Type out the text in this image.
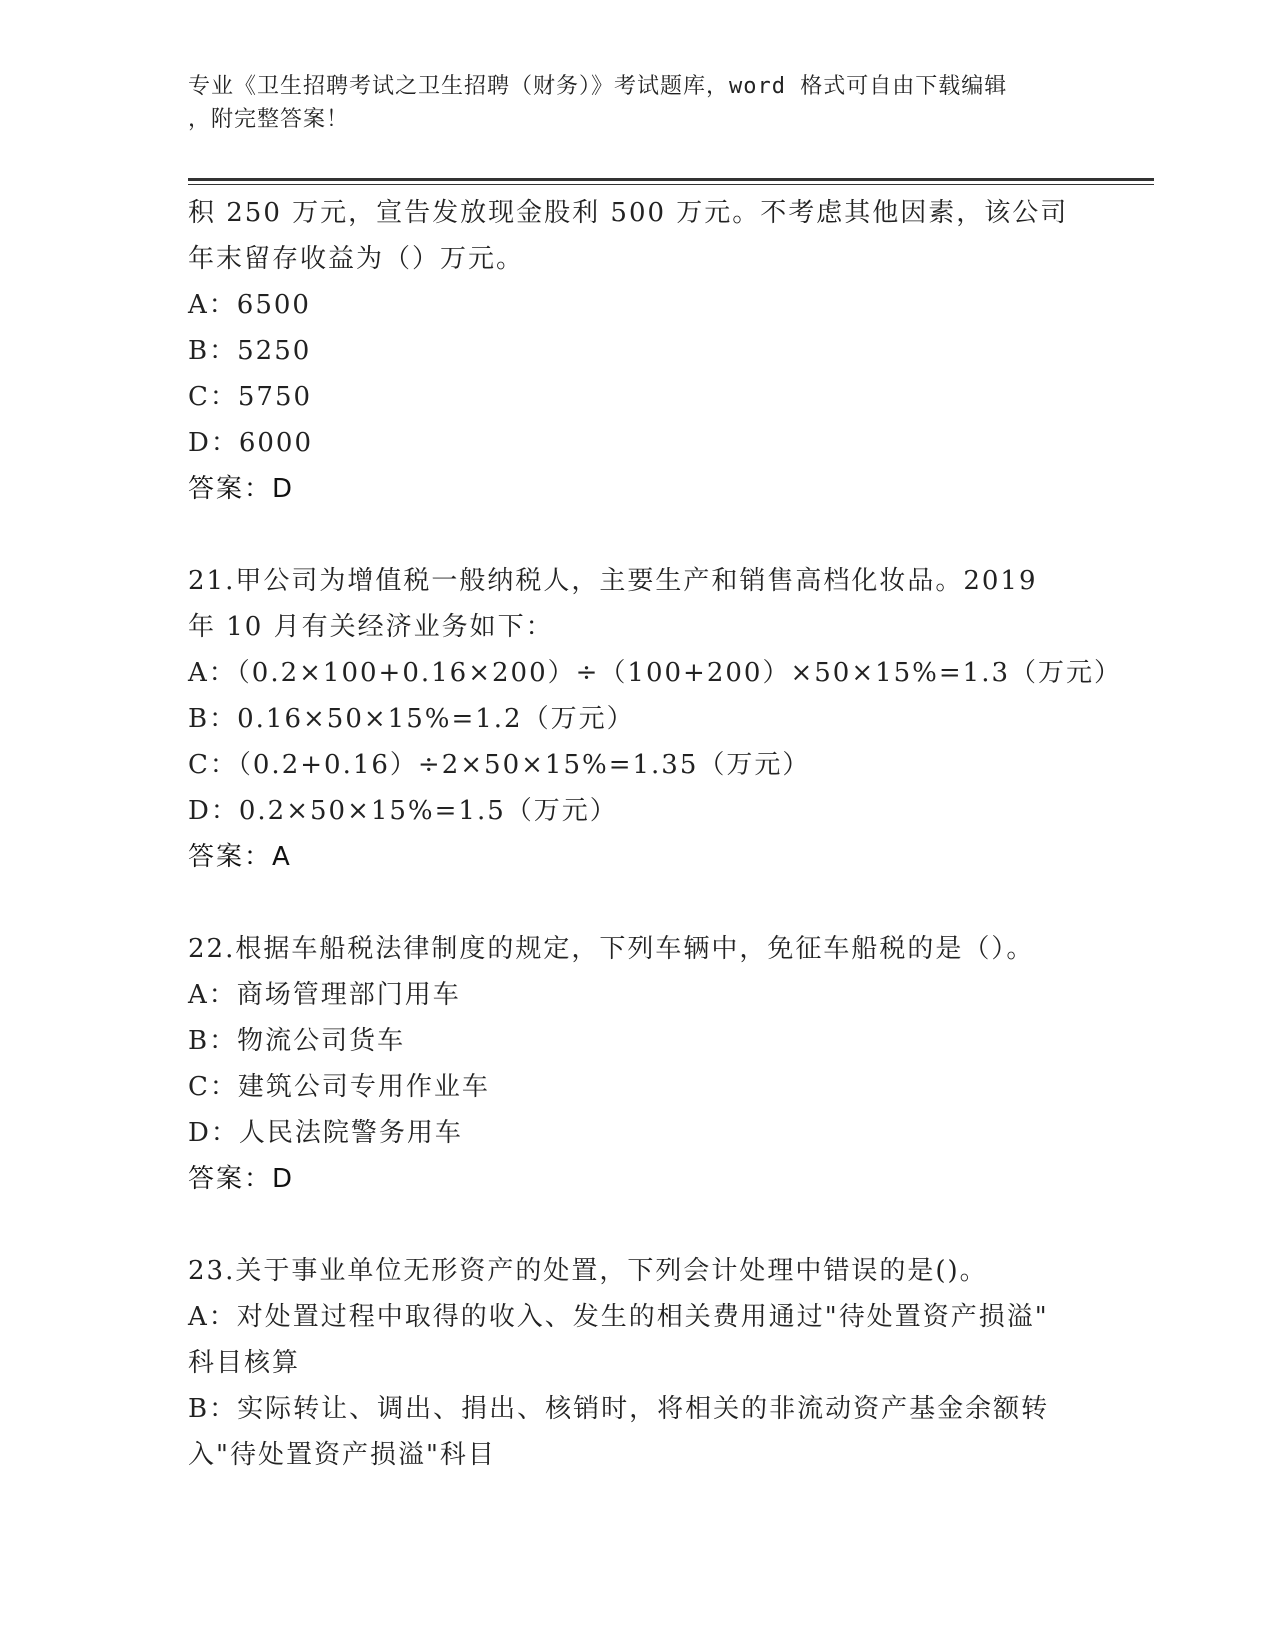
专业《卫生招聘考试之卫生招聘（财务）》考试题库，word 格式可自由下载编辑
，附完整答案！
积 250 万元，宣告发放现金股利 500 万元。不考虑其他因素，该公司
年末留存收益为（）万元。
A：6500
B：5250
C：5750
D：6000
答案：D
21.甲公司为增值税一般纳税人，主要生产和销售高档化妆品。2019
年 10 月有关经济业务如下：
A：（0.2×100+0.16×200）÷（100+200）×50×15%=1.3（万元）
B：0.16×50×15%=1.2（万元）
C：（0.2+0.16）÷2×50×15%=1.35（万元）
D：0.2×50×15%=1.5（万元）
答案：A
22.根据车船税法律制度的规定，下列车辆中，免征车船税的是（）。
A：商场管理部门用车
B：物流公司货车
C：建筑公司专用作业车
D：人民法院警务用车
答案：D
23.关于事业单位无形资产的处置，下列会计处理中错误的是()。
A：对处置过程中取得的收入、发生的相关费用通过"待处置资产损溢"
科目核算
B：实际转让、调出、捐出、核销时，将相关的非流动资产基金余额转
入"待处置资产损溢"科目
